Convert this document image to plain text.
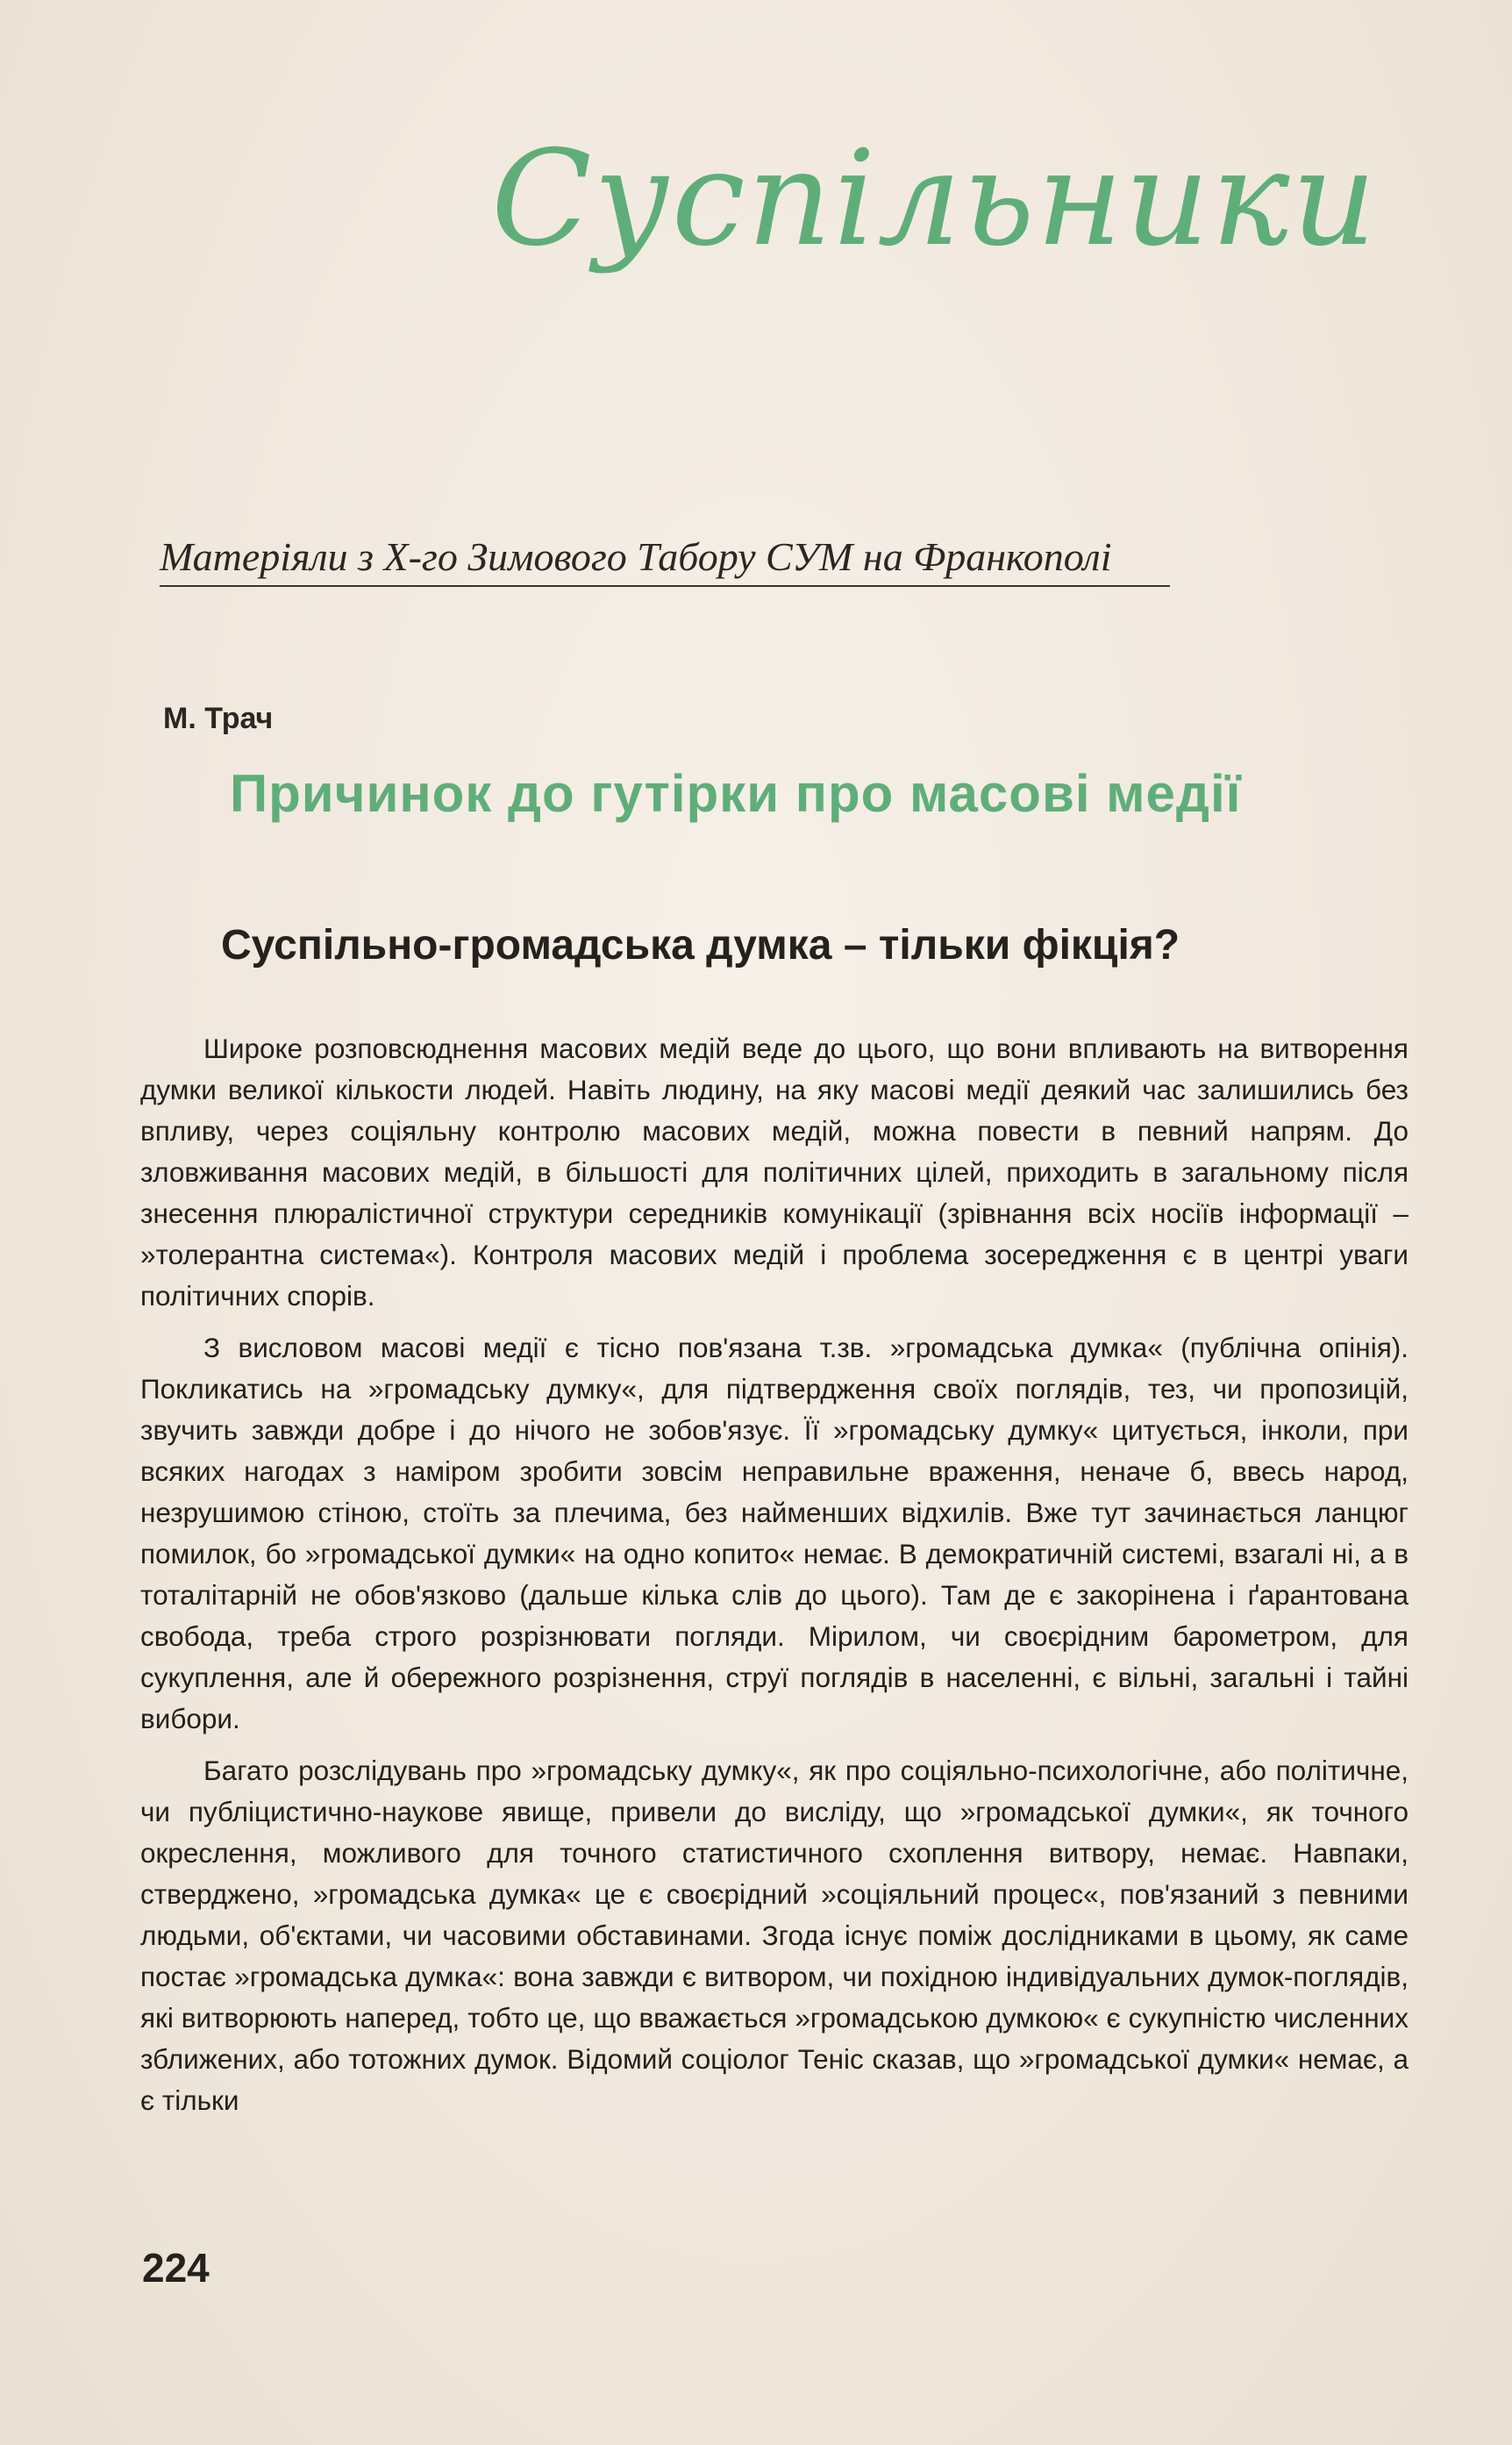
Суспільники
Матеріяли з Х-го Зимового Табору СУМ на Франкополі
М. Трач
Причинок до гутірки про масові медії
Суспільно-громадська думка – тільки фікція?

Широке розповсюднення масових медій веде до цього, що вони впливають на витворення думки великої кількости людей. Навіть людину, на яку масові медії деякий час залишились без впливу, через соціяльну контролю масових медій, можна повести в певний напрям. До зловживання масових медій, в більшості для політичних цілей, приходить в загальному після знесення плюралістичної структури середників комунікації (зрівнання всіх носіїв інформації – »толерантна система«). Контроля масових медій і проблема зосередження є в центрі уваги політичних спорів.

З висловом масові медії є тісно пов'язана т.зв. »громадська думка« (публічна опінія). Покликатись на »громадську думку«, для підтвердження своїх поглядів, тез, чи пропозицій, звучить завжди добре і до нічого не зобов'язує. Її »громадську думку« цитується, інколи, при всяких нагодах з наміром зробити зовсім неправильне враження, неначе б, ввесь народ, незрушимою стіною, стоїть за плечима, без найменших відхилів. Вже тут зачинається ланцюг помилок, бо »громадської думки« на одно копито« немає. В демократичній системі, взагалі ні, а в тоталітарній не обов'язково (дальше кілька слів до цього). Там де є закорінена і ґарантована свобода, треба строго розрізнювати погляди. Мірилом, чи своєрідним барометром, для сукуплення, але й обережного розрізнення, струї поглядів в населенні, є вільні, загальні і тайні вибори.

Багато розслідувань про »громадську думку«, як про соціяльно-психологічне, або політичне, чи публіцистично-наукове явище, привели до висліду, що »громадської думки«, як точного окреслення, можливого для точного статистичного схоплення витвору, немає. Навпаки, стверджено, »громадська думка« це є своєрідний »соціяльний процес«, пов'язаний з певними людьми, об'єктами, чи часовими обставинами. Згода існує поміж дослідниками в цьому, як саме постає »громадська думка«: вона завжди є витвором, чи похідною індивідуальних думок-поглядів, які витворюють наперед, тобто це, що вважається »громадською думкою« є сукупністю численних зближених, або тотожних думок. Відомий соціолог Теніс сказав, що »громадської думки« немає, а є тільки

224
